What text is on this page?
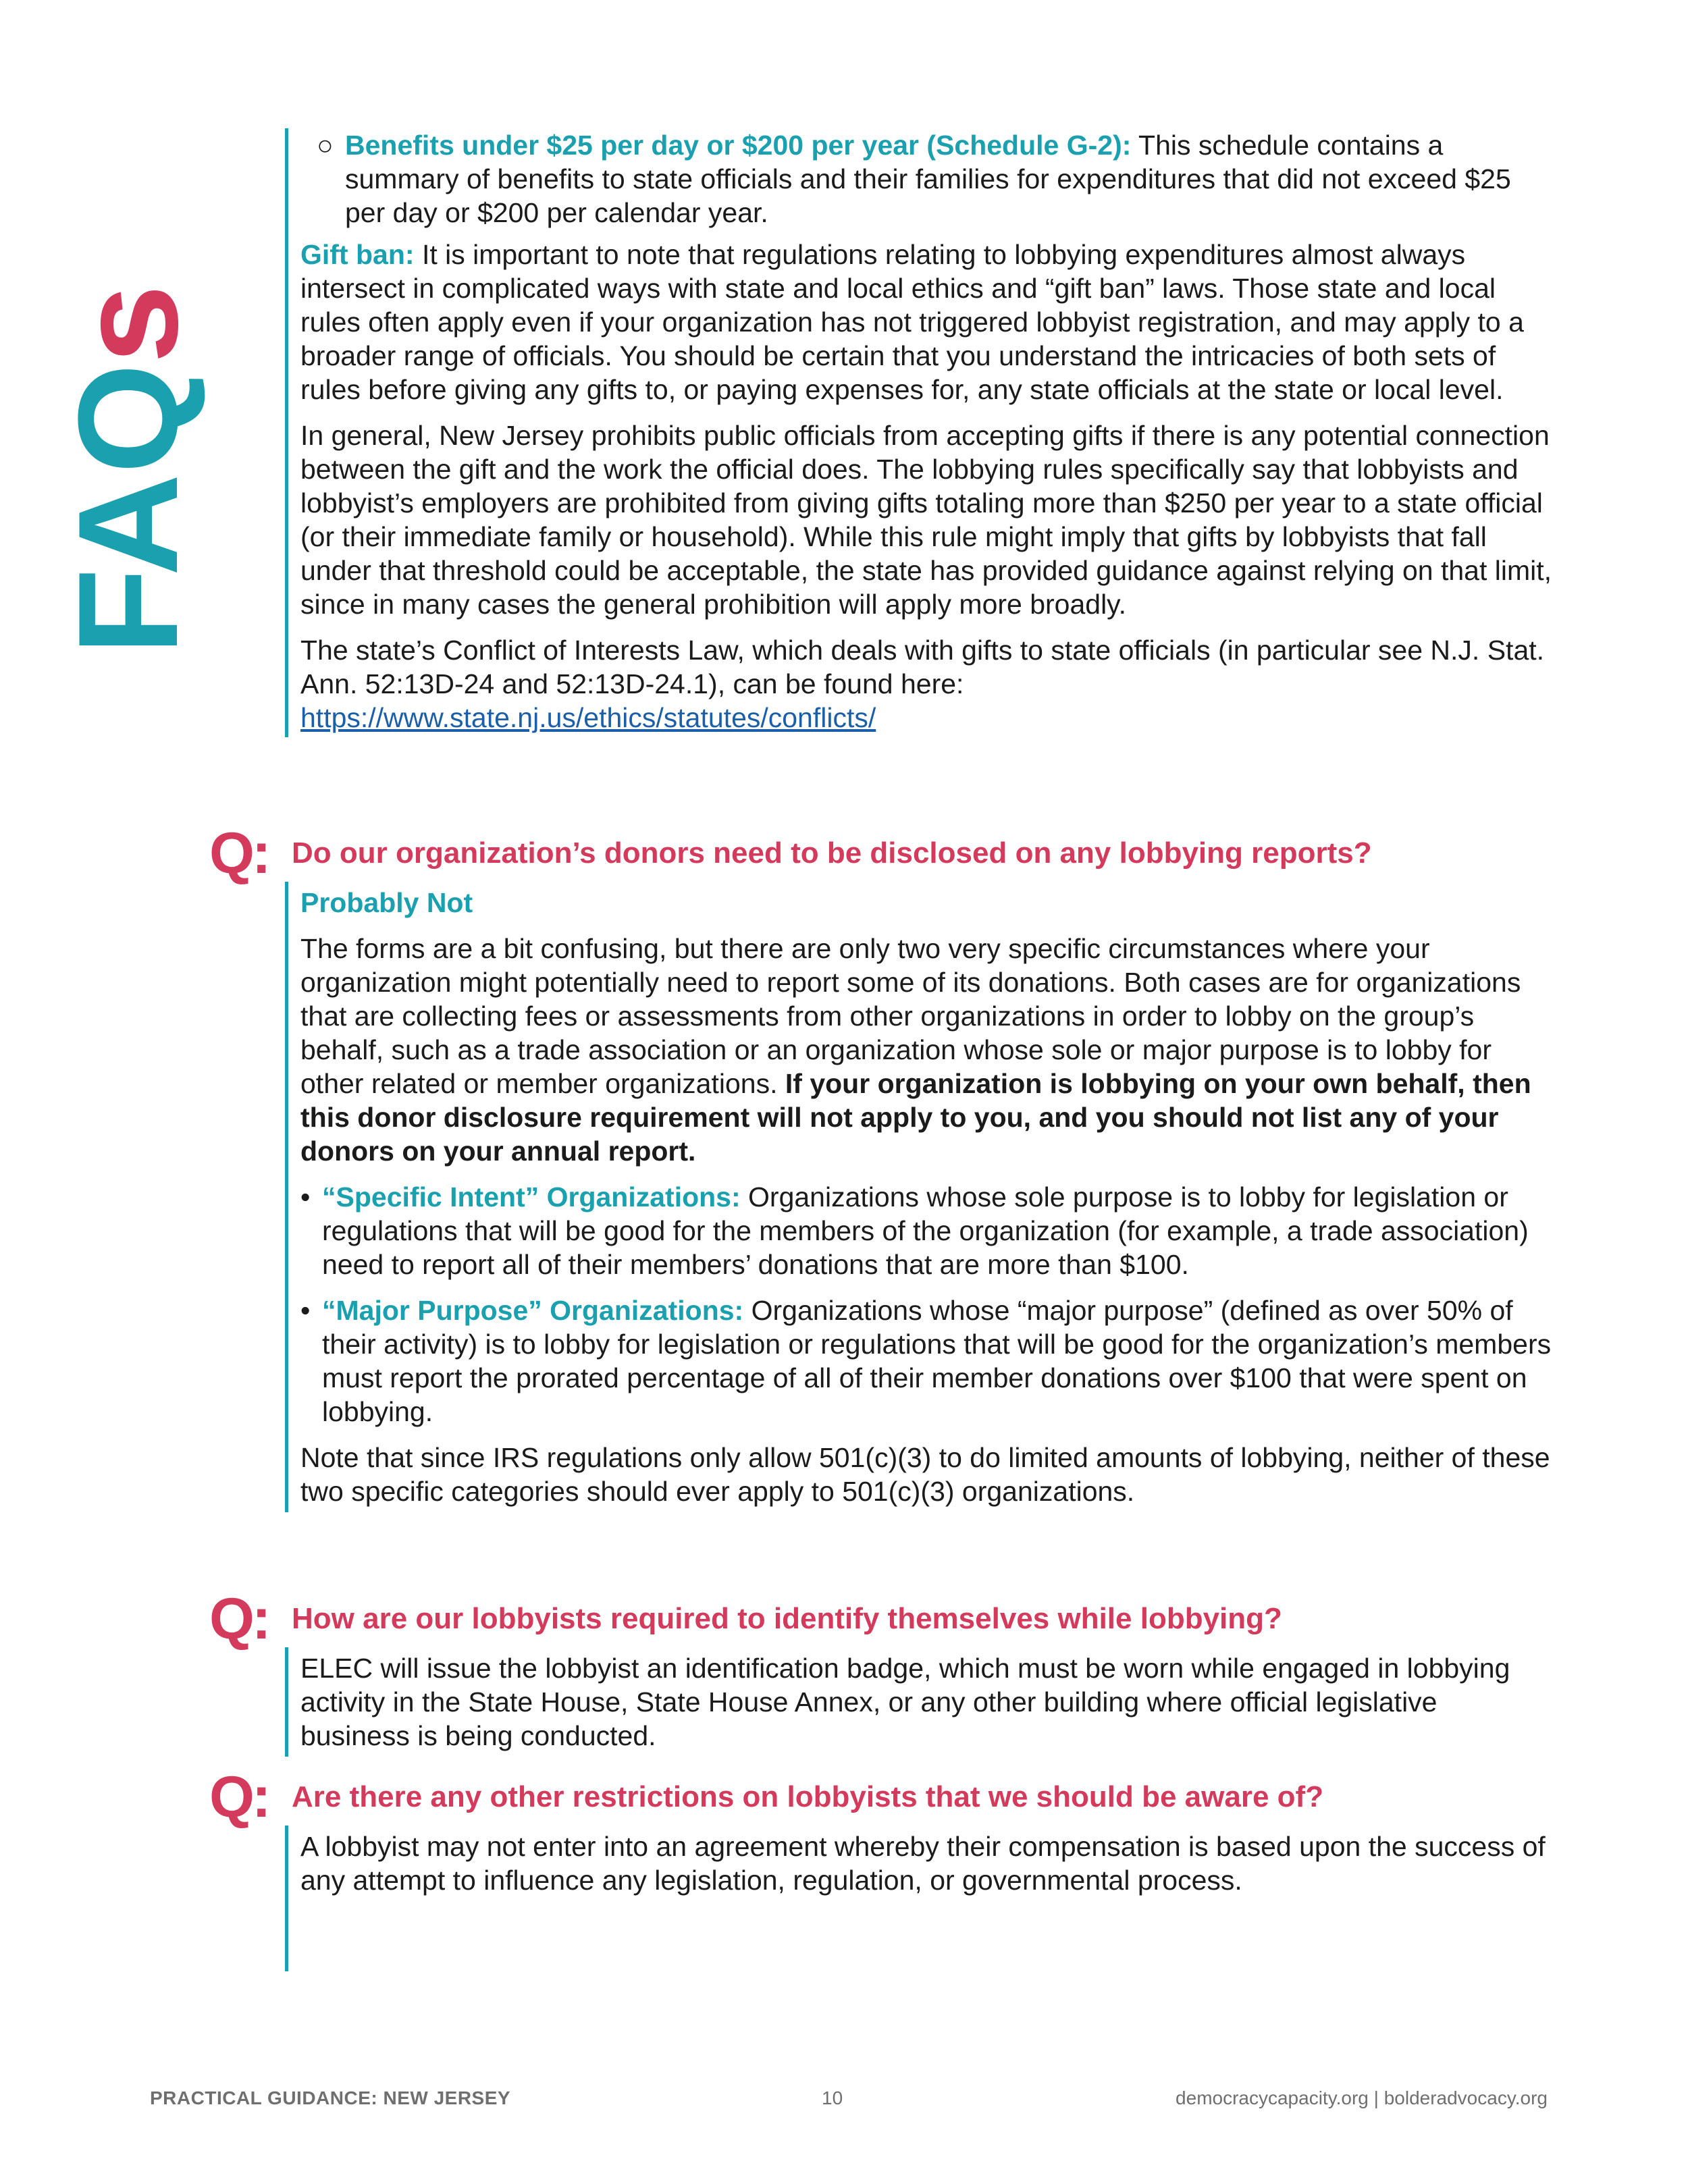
FAQs
○ Benefits under $25 per day or $200 per year (Schedule G-2): This schedule contains a summary of benefits to state officials and their families for expenditures that did not exceed $25 per day or $200 per calendar year.

Gift ban: It is important to note that regulations relating to lobbying expenditures almost always intersect in complicated ways with state and local ethics and “gift ban” laws. Those state and local rules often apply even if your organization has not triggered lobbyist registration, and may apply to a broader range of officials. You should be certain that you understand the intricacies of both sets of rules before giving any gifts to, or paying expenses for, any state officials at the state or local level.

In general, New Jersey prohibits public officials from accepting gifts if there is any potential connection between the gift and the work the official does. The lobbying rules specifically say that lobbyists and lobbyist’s employers are prohibited from giving gifts totaling more than $250 per year to a state official (or their immediate family or household). While this rule might imply that gifts by lobbyists that fall under that threshold could be acceptable, the state has provided guidance against relying on that limit, since in many cases the general prohibition will apply more broadly.

The state’s Conflict of Interests Law, which deals with gifts to state officials (in particular see N.J. Stat. Ann. 52:13D-24 and 52:13D-24.1), can be found here:
https://www.state.nj.us/ethics/statutes/conflicts/

Q: Do our organization’s donors need to be disclosed on any lobbying reports?
Probably Not

The forms are a bit confusing, but there are only two very specific circumstances where your organization might potentially need to report some of its donations. Both cases are for organizations that are collecting fees or assessments from other organizations in order to lobby on the group’s behalf, such as a trade association or an organization whose sole or major purpose is to lobby for other related or member organizations. If your organization is lobbying on your own behalf, then this donor disclosure requirement will not apply to you, and you should not list any of your donors on your annual report.

• “Specific Intent” Organizations: Organizations whose sole purpose is to lobby for legislation or regulations that will be good for the members of the organization (for example, a trade association) need to report all of their members’ donations that are more than $100.
• “Major Purpose” Organizations: Organizations whose “major purpose” (defined as over 50% of their activity) is to lobby for legislation or regulations that will be good for the organization’s members must report the prorated percentage of all of their member donations over $100 that were spent on lobbying.

Note that since IRS regulations only allow 501(c)(3) to do limited amounts of lobbying, neither of these two specific categories should ever apply to 501(c)(3) organizations.

Q: How are our lobbyists required to identify themselves while lobbying?

ELEC will issue the lobbyist an identification badge, which must be worn while engaged in lobbying activity in the State House, State House Annex, or any other building where official legislative business is being conducted.

Q: Are there any other restrictions on lobbyists that we should be aware of?

A lobbyist may not enter into an agreement whereby their compensation is based upon the success of any attempt to influence any legislation, regulation, or governmental process.

PRACTICAL GUIDANCE: NEW JERSEY	10	democracycapacity.org | bolderadvocacy.org
